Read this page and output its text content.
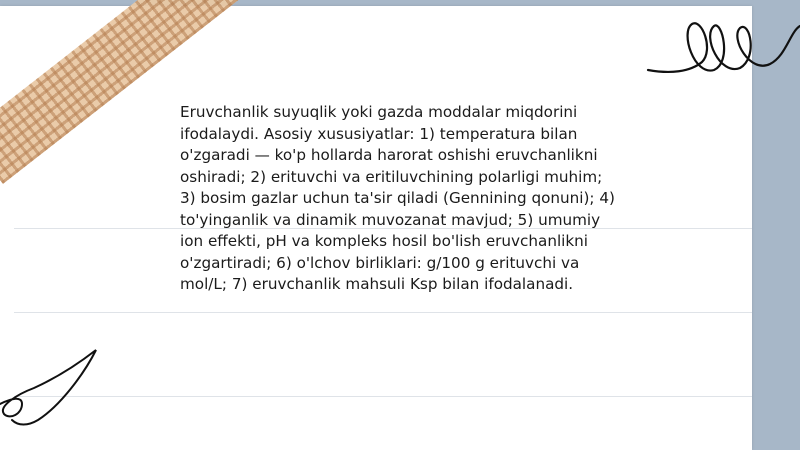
Eruvchanlik suyuqlik yoki gazda moddalar miqdorini ifodalaydi. Asosiy xususiyatlar: 1) temperatura bilan o'zgaradi — ko'p hollarda harorat oshishi eruvchanlikni oshiradi; 2) erituvchi va eritiluvchining polarligi muhim; 3) bosim gazlar uchun ta'sir qiladi (Gennining qonuni); 4) to'yinganlik va dinamik muvozanat mavjud; 5) umumiy ion effekti, pH va kompleks hosil bo'lish eruvchanlikni o'zgartiradi; 6) o'lchov birliklari: g/100 g erituvchi va mol/L; 7) eruvchanlik mahsuli Ksp bilan ifodalanadi.
